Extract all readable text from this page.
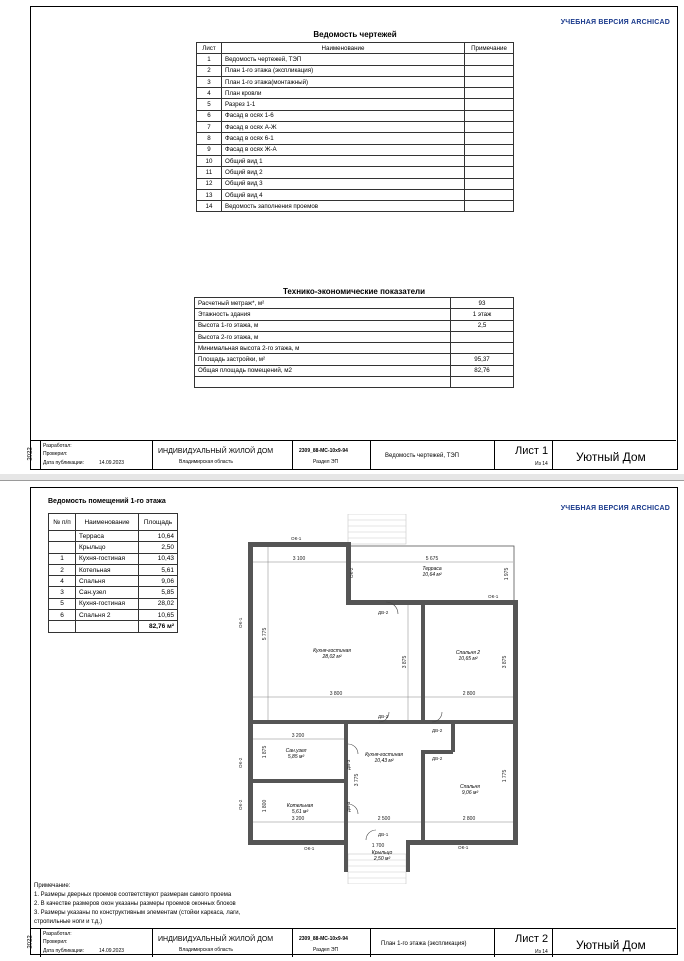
УЧЕБНАЯ ВЕРСИЯ ARCHICAD
Ведомость чертежей
Лист	Наименование	Примечание
1	Ведомость чертежей, ТЭП	
2	План 1-го этажа (экспликация)	
3	План 1-го этажа(монтажный)	
4	План кровли	
5	Разрез 1-1	
6	Фасад в осях 1-6	
7	Фасад в осях А-Ж	
8	Фасад в осях 6-1	
9	Фасад в осях Ж-А	
10	Общий вид 1	
11	Общий вид 2	
12	Общий вид 3	
13	Общий вид 4	
14	Ведомость заполнения проемов	
Технико-экономические показатели
Расчетный метраж*, м²	93
Этажность здания	1 этаж
Высота 1-го этажа, м	2,5
Высота 2-го этажа, м	
Минимальная высота 2-го этажа, м	
Площадь застройки, м²	95,37
Общая площадь помещений, м2	82,76

2022
Разработал:
Проверил:
Дата публикации:	14.09.2023
ИНДИВИДУАЛЬНЫЙ ЖИЛОЙ ДОМ
Владимирская область
2309_88-МС-10х9-94
Раздел ЭП
Ведомость чертежей, ТЭП	Лист 1
Из 14 Уютный Дом
УЧЕБНАЯ ВЕРСИЯ ARCHICAD
Ведомость помещений 1-го этажа
№ п/п	Наименование	Площадь
	Терраса	10,64
	Крыльцо	2,50
1	Кухня-гостиная	10,43
2	Котельная	5,61
4	Спальня	9,06
3	Сан.узел	5,85
5	Кухня-гостиная	28,02
6	Спальня 2	10,65
		82,76 м²
Терраса
10,64 м²
Кухня-гостиная
28,02 м²
Спальня 2
10,65 м²
Сан.узел
5,85 м²	Кухня-гостиная
10,43 м²
Спальня
9,06 м²
Котельная
5,61 м²
Крыльцо
2,50 м²
3 100	5 675
1 975
5 775
3 875	3 875
3 800	2 800
3 200
1 875
3 775	1 775
1 800
3 200	2 500	2 800
1 700
ОК-1
ОК-2
ДВ-2
ОК-1
ОК-1
ДВ-2
ДВ-2
ОК-2	ДВ-3
ДВ-2
ОК-2	ДВ-3
ДВ-1
ОК-1
ОК-1
Примечание:
1. Размеры дверных проемов соответствуют размерам самого проема
2. В качестве размеров окон указаны размеры проемов оконных блоков
3. Размеры указаны по конструктивным элементам (стойки каркаса, лаги,
стропильные ноги и т.д.)
2022
Разработал:
Проверил:
Дата публикации:	14.09.2023
ИНДИВИДУАЛЬНЫЙ ЖИЛОЙ ДОМ
Владимирская область
2309_88-МС-10х9-94
Раздел ЭП
План 1-го этажа (экспликация)	Лист 2
Из 14 Уютный Дом
